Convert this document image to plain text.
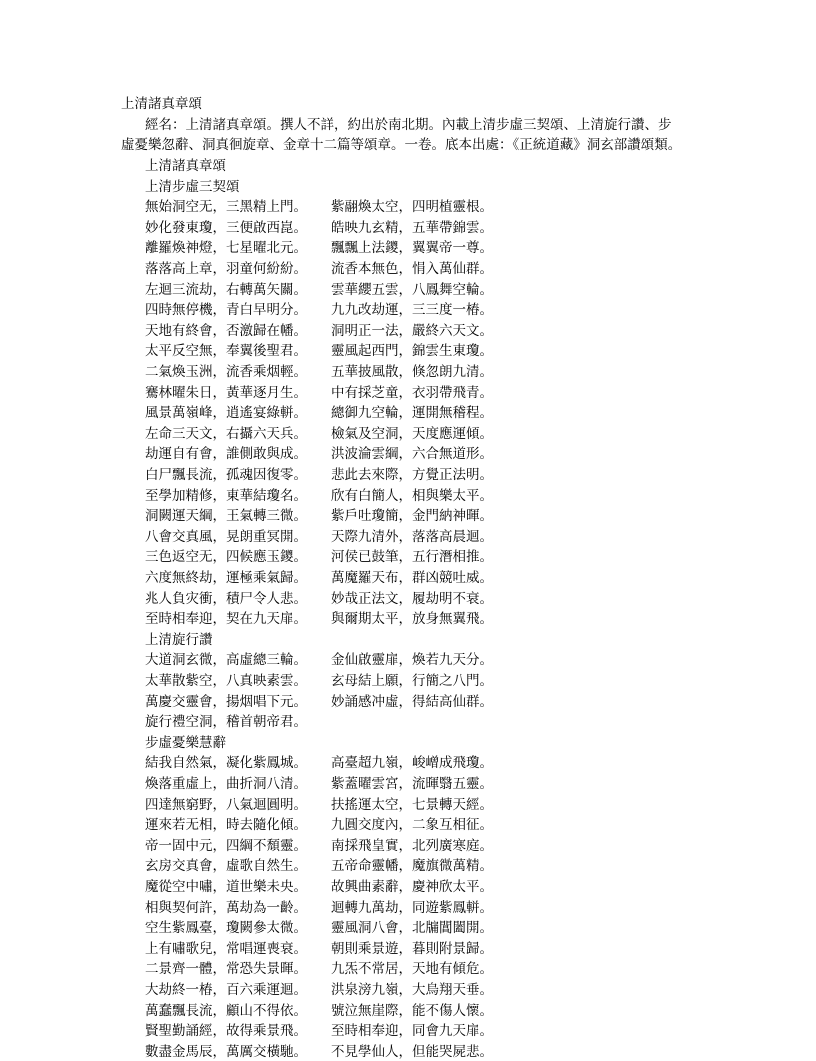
上清諸真章頌
經名：上清諸真章頌。撰人不詳，約出於南北期。內載上清步虛三契頌、上清旋行讚、步
虛憂樂忽辭、洞真徊旋章、金章十二篇等頌章。一卷。底本出處：《正統道藏》洞玄部讚頌類。
上清諸真章頌
上清步虛三契頌
無始洞空无，三黑精上門。 紫翮煥太空，四明植靈根。
妙化發東瓊，三便啟西崑。 皓映九玄精，五華帶錦雲。
離羅煥神燈，七星曜北元。 飄飄上法鑁，翼翼帝一尊。
落落高上章，羽童何紛紛。 流香本無色，悁入萬仙群。
左迴三流劫，右轉萬矢關。 雲華纓五雲，八鳳舞空輪。
四時無停機，青白早明分。 九九改劫運，三三度一椿。
天地有終會，否激歸在幡。 洞明正一法，嚴終六天文。
太平反空無，奉翼後聖君。 靈風起西門，錦雲生東瓊。
二氣煥玉洲，流香乘烟輕。 五華披風散，倏忽朗九清。
騫林曜朱日，黃華逐月生。 中有採芝童，衣羽帶飛青。
風景萬嶺峰，逍遙宴綠軿。 總御九空輪，運開無稽程。
左命三天文，右攝六天兵。 檢氣及空洞，天度應運傾。
劫運自有會，誰側敢與成。 洪波淪雲綱，六合無道形。
白尸飄長流，孤魂因復零。 悲此去來際，方覺正法明。
至學加精修，東華結瓊名。 欣有白簡人，相與樂太平。
洞闕運天綱，王氣轉三微。 紫戶吐瓊簡，金門納神暉。
八會交真風，晃朗重冥開。 天際九清外，落落高晨迴。
三色返空无，四候應玉鑁。 河侯已鼓筆，五行潛相推。
六度無終劫，運極乘氣歸。 萬魔羅天布，群凶競吐威。
兆人負灾衝，積尸令人悲。 妙哉正法文，履劫明不衰。
至時相奉迎，契在九天扉。 與爾期太平，放身無翼飛。
上清旋行讚
大道洞玄微，高虛總三輪。 金仙啟靈扉，煥若九天分。
太華散紫空，八真映素雲。 玄母結上願，行簡之八門。
萬慶交靈會，揚烟唱下元。 妙誦感冲虛，得結高仙群。
旋行禮空洞，稽首朝帝君。
步虛憂樂慧辭
結我自然氣，凝化紫鳳城。 高臺超九嶺，峻嶒成飛瓊。
煥落重虛上，曲折洞八清。 紫蓋曜雲宮，流暉翳五靈。
四達無窮野，八氣迴圓明。 扶搖運太空，七景轉天經。
運來若无相，時去隨化傾。 九圓交度內，二象互相征。
帝一固中元，四綱不頹靈。 南採飛皇實，北列廣寒庭。
玄房交真會，虛歌自然生。 五帝命靈幡，魔旗微萬精。
魔從空中嘯，道世樂未央。 故興曲素辭，慶神欣太平。
相與契何許，萬劫為一齡。 迴轉九萬劫，同遊紫鳳軿。
空生紫鳳臺，瓊闕參太微。 靈風洞八會，北牖閶闔開。
上有嘯歌兒，常唱運喪衰。 朝則乘景遊，暮則附景歸。
二景齊一體，常恐失景暉。 九炁不常居，天地有傾危。
大劫終一椿，百六乘運迴。 洪泉滂九嶺，大烏翔天垂。
萬蠢飄長流，顧山不得依。 號泣無崖際，能不傷人懷。
賢聖勤誦經，故得乘景飛。 至時相奉迎，同會九天扉。
數盡金馬辰，萬厲交橫馳。 不見學仙人，但能哭屍悲。
